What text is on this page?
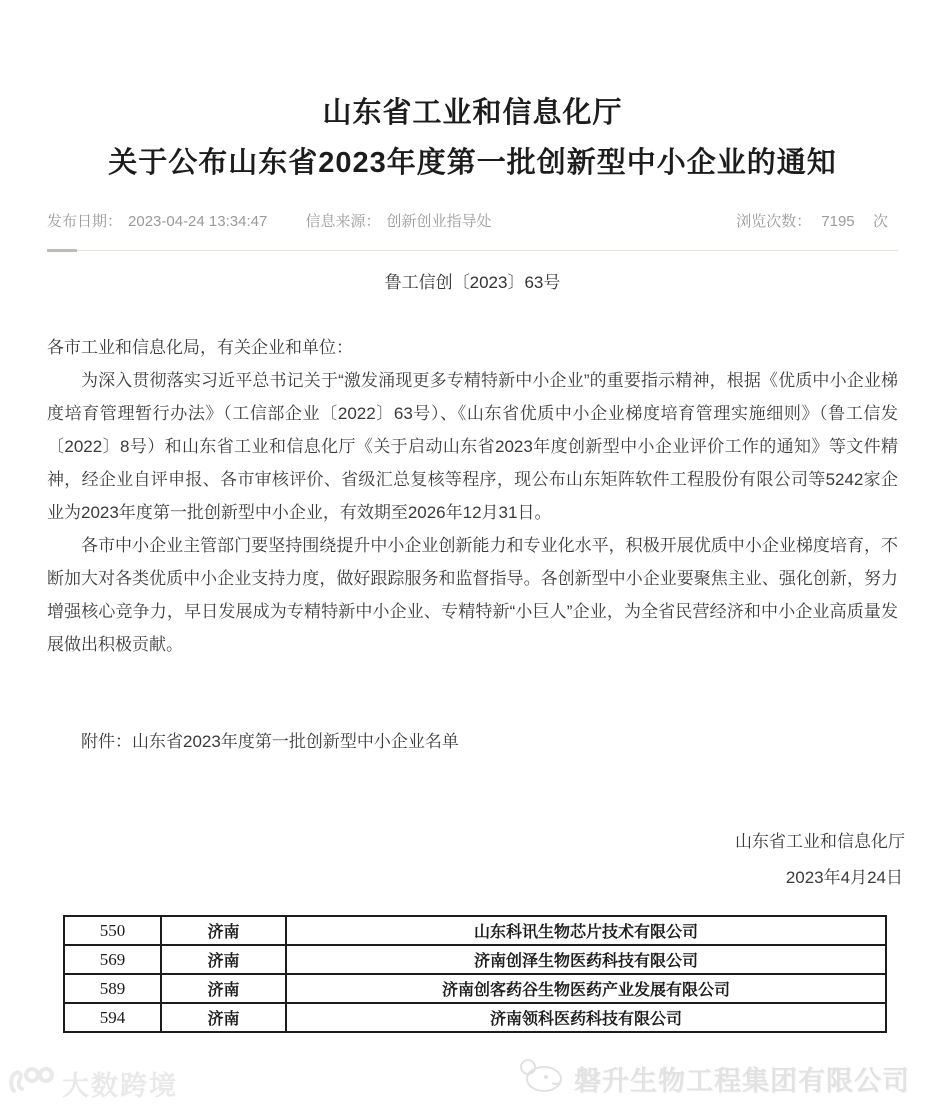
山东省工业和信息化厅
关于公布山东省2023年度第一批创新型中小企业的通知
发布日期： 2023-04-24 13:34:47	信息来源： 创新创业指导处	浏览次数： 7195 次
鲁工信创〔2023〕63号

各市工业和信息化局，有关企业和单位：

为深入贯彻落实习近平总书记关于“激发涌现更多专精特新中小企业”的重要指示精神，根据《优质中小企业梯度培育管理暂行办法》（工信部企业〔2022〕63号）、《山东省优质中小企业梯度培育管理实施细则》（鲁工信发〔2022〕8号）和山东省工业和信息化厅《关于启动山东省2023年度创新型中小企业评价工作的通知》等文件精神，经企业自评申报、各市审核评价、省级汇总复核等程序，现公布山东矩阵软件工程股份有限公司等5242家企业为2023年度第一批创新型中小企业，有效期至2026年12月31日。

各市中小企业主管部门要坚持围绕提升中小企业创新能力和专业化水平，积极开展优质中小企业梯度培育，不断加大对各类优质中小企业支持力度，做好跟踪服务和监督指导。各创新型中小企业要聚焦主业、强化创新，努力增强核心竞争力，早日发展成为专精特新中小企业、专精特新“小巨人”企业，为全省民营经济和中小企业高质量发展做出积极贡献。

附件：山东省2023年度第一批创新型中小企业名单
山东省工业和信息化厅
2023年4月24日
550	济南	山东科讯生物芯片技术有限公司
569	济南	济南创泽生物医药科技有限公司
589	济南	济南创客药谷生物医药产业发展有限公司
594	济南	济南领科医药科技有限公司
大数跨境	磐升生物工程集团有限公司
